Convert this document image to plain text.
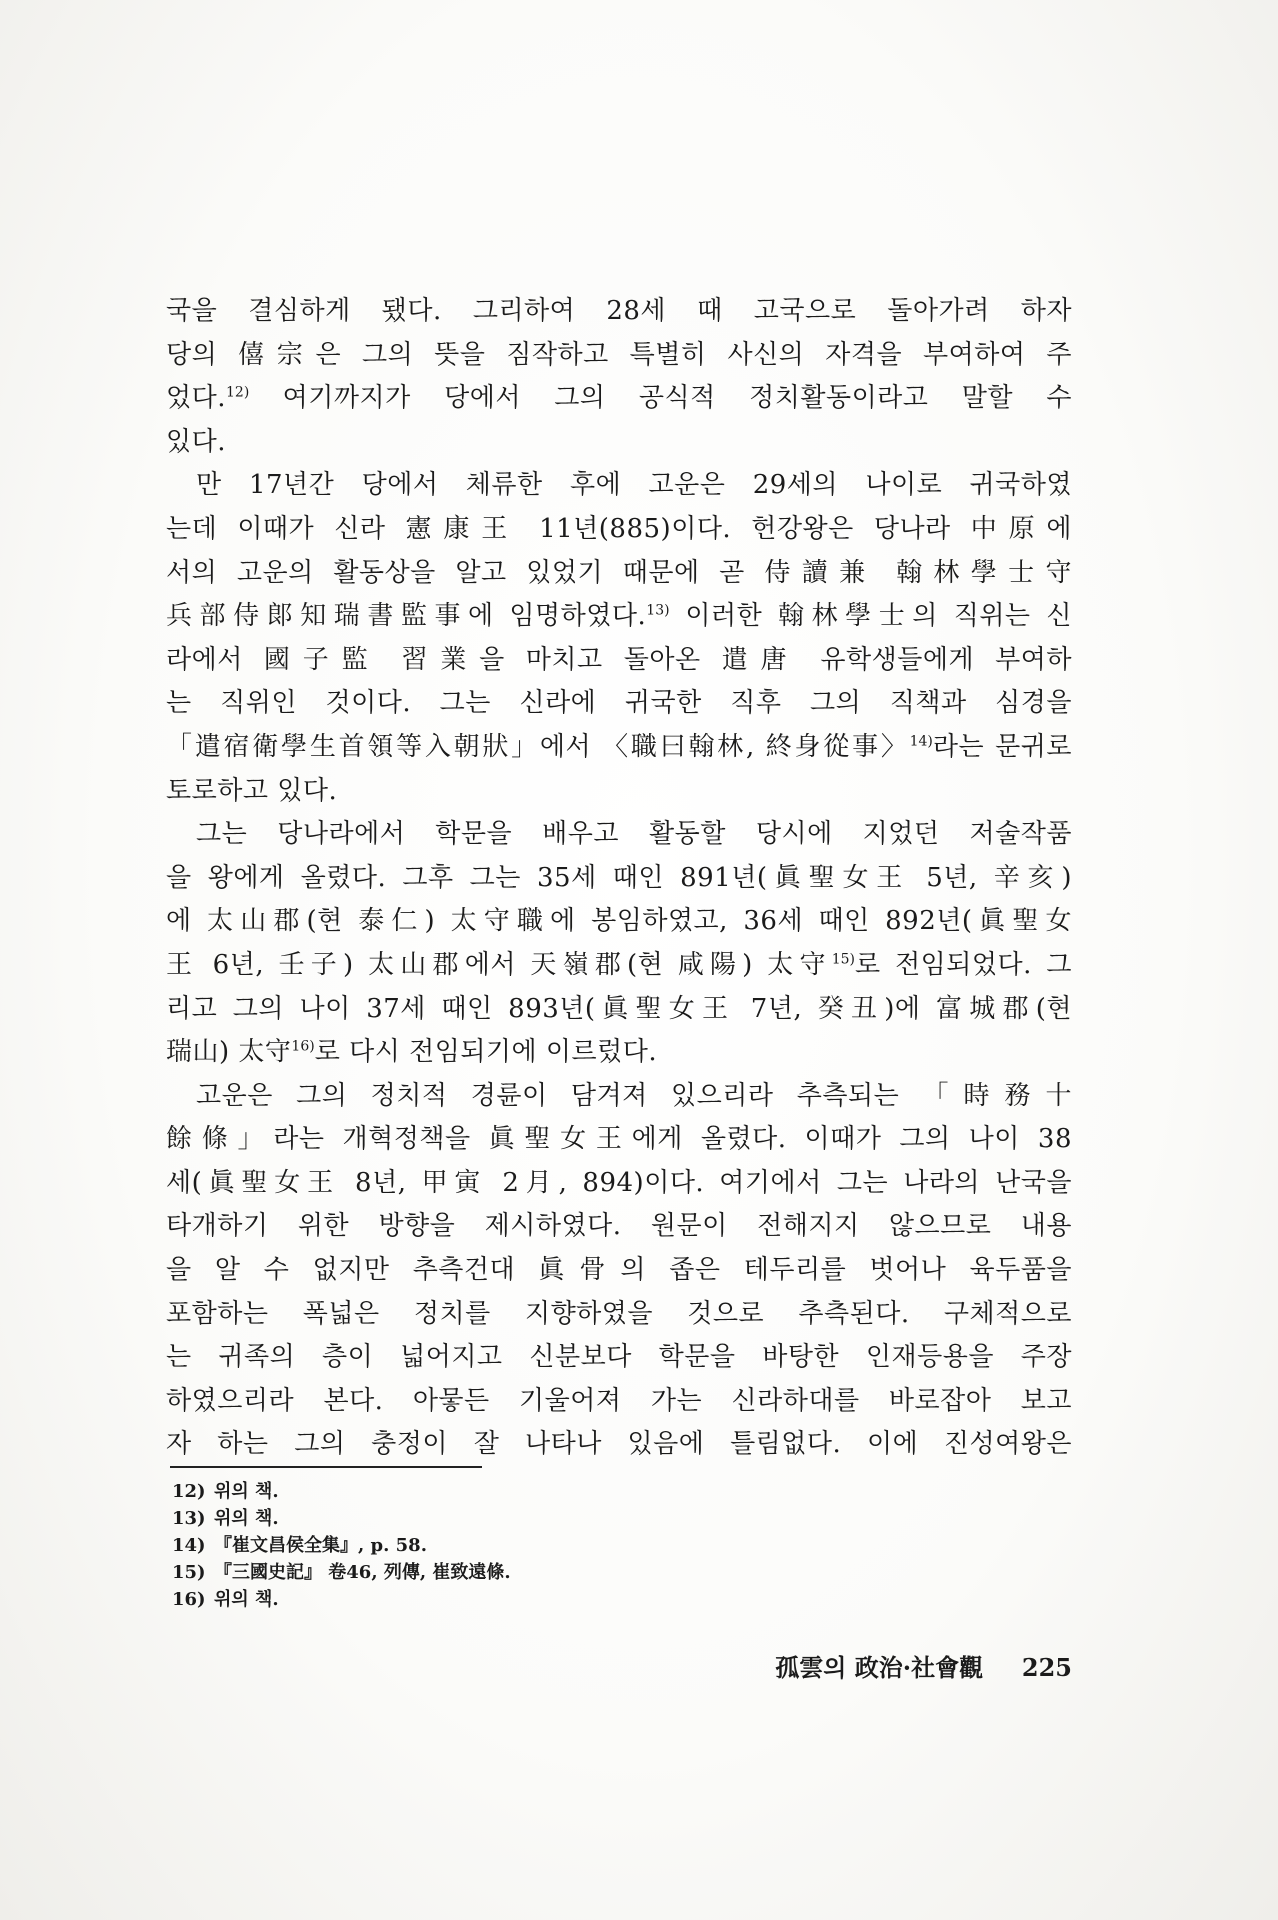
국을 결심하게 됐다. 그리하여 28세 때 고국으로 돌아가려 하자
당의 僖宗은 그의 뜻을 짐작하고 특별히 사신의 자격을 부여하여 주
었다.$^{12)}$ 여기까지가 당에서 그의 공식적 정치활동이라고 말할 수
있다.
만 17년간 당에서 체류한 후에 고운은 29세의 나이로 귀국하였
는데 이때가 신라 憲康王 11년(885)이다. 헌강왕은 당나라 中原에
서의 고운의 활동상을 알고 있었기 때문에 곧 侍讀兼 翰林學士守
兵部侍郞知瑞書監事에 임명하였다.$^{13)}$ 이러한 翰林學士의 직위는 신
라에서 國子監 習業을 마치고 돌아온 遣唐 유학생들에게 부여하
는 직위인 것이다. 그는 신라에 귀국한 직후 그의 직책과 심경을
「遣宿衛學生首領等入朝狀」에서 〈職曰翰林, 終身從事〉$^{14)}$라는 문귀로
토로하고 있다.
그는 당나라에서 학문을 배우고 활동할 당시에 지었던 저술작품
을 왕에게 올렸다. 그후 그는 35세 때인 891년(眞聖女王 5년, 辛亥)
에 太山郡(현 泰仁) 太守職에 봉임하였고, 36세 때인 892년(眞聖女
王 6년, 壬子) 太山郡에서 天嶺郡(현 咸陽) 太守$^{15)}$로 전임되었다. 그
리고 그의 나이 37세 때인 893년(眞聖女王 7년, 癸丑)에 富城郡(현
瑞山) 太守$^{16)}$로 다시 전임되기에 이르렀다.
고운은 그의 정치적 경륜이 담겨져 있으리라 추측되는 「時務十
餘條」라는 개혁정책을 眞聖女王에게 올렸다. 이때가 그의 나이 38
세(眞聖女王 8년, 甲寅 2月, 894)이다. 여기에서 그는 나라의 난국을
타개하기 위한 방향을 제시하였다. 원문이 전해지지 않으므로 내용
을 알 수 없지만 추측건대 眞骨의 좁은 테두리를 벗어나 육두품을
포함하는 폭넓은 정치를 지향하였을 것으로 추측된다. 구체적으로
는 귀족의 층이 넓어지고 신분보다 학문을 바탕한 인재등용을 주장
하였으리라 본다. 아뭏든 기울어져 가는 신라하대를 바로잡아 보고
자 하는 그의 충정이 잘 나타나 있음에 틀림없다. 이에 진성여왕은
12) 위의 책.
13) 위의 책.
14) 『崔文昌侯全集』, p. 58.
15) 『三國史記』 卷46, 列傳, 崔致遠條.
16) 위의 책.
孤雲의 政治·社會觀 225
